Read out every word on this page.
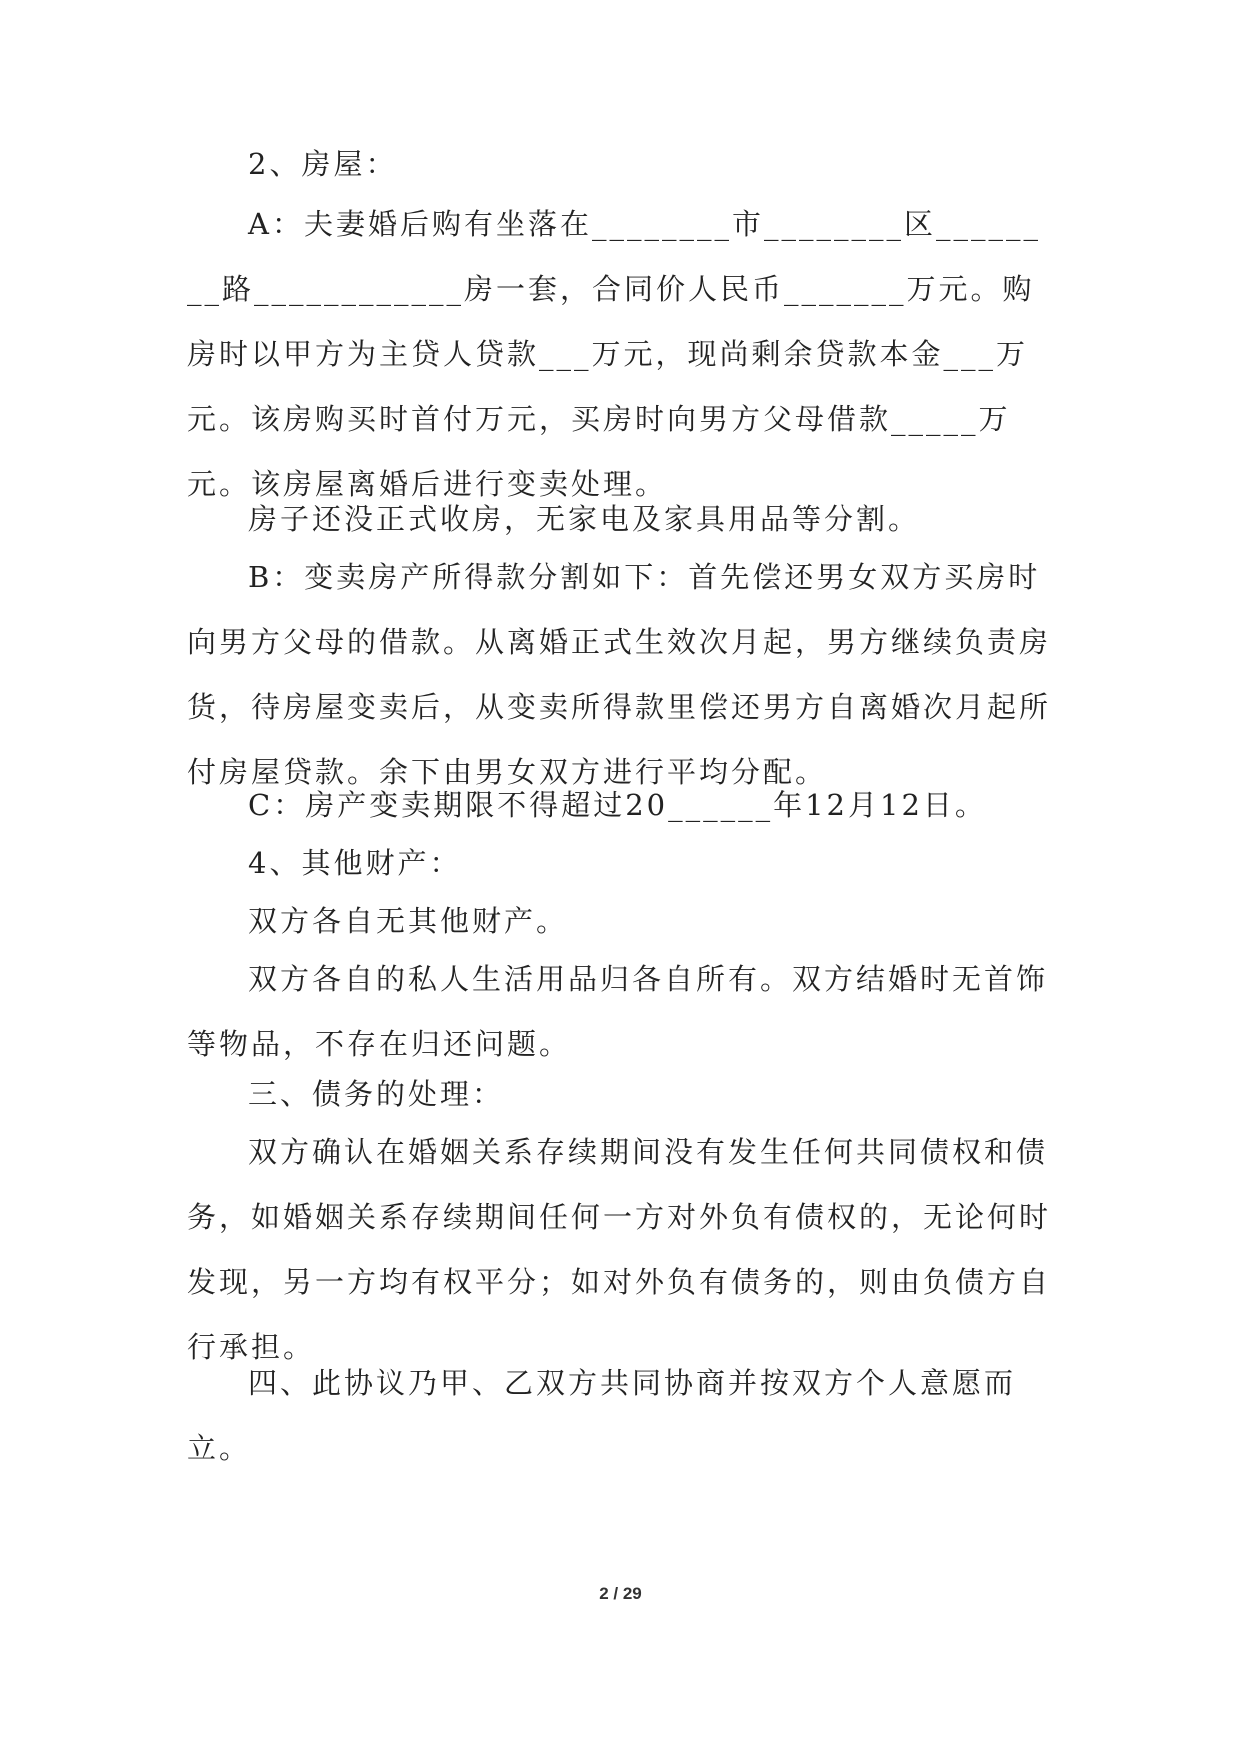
2、房屋：

A：夫妻婚后购有坐落在________市________区________路____________房一套，合同价人民币_______万元。购房时以甲方为主贷人贷款___万元，现尚剩余贷款本金___万元。该房购买时首付万元，买房时向男方父母借款_____万元。该房屋离婚后进行变卖处理。

房子还没正式收房，无家电及家具用品等分割。

B：变卖房产所得款分割如下：首先偿还男女双方买房时向男方父母的借款。从离婚正式生效次月起，男方继续负责房货，待房屋变卖后，从变卖所得款里偿还男方自离婚次月起所付房屋贷款。余下由男女双方进行平均分配。

C：房产变卖期限不得超过20______年12月12日。

4、其他财产：

双方各自无其他财产。

双方各自的私人生活用品归各自所有。双方结婚时无首饰等物品，不存在归还问题。

三、债务的处理：

双方确认在婚姻关系存续期间没有发生任何共同债权和债务，如婚姻关系存续期间任何一方对外负有债权的，无论何时发现，另一方均有权平分；如对外负有债务的，则由负债方自行承担。

四、此协议乃甲、乙双方共同协商并按双方个人意愿而立。

2 / 29
